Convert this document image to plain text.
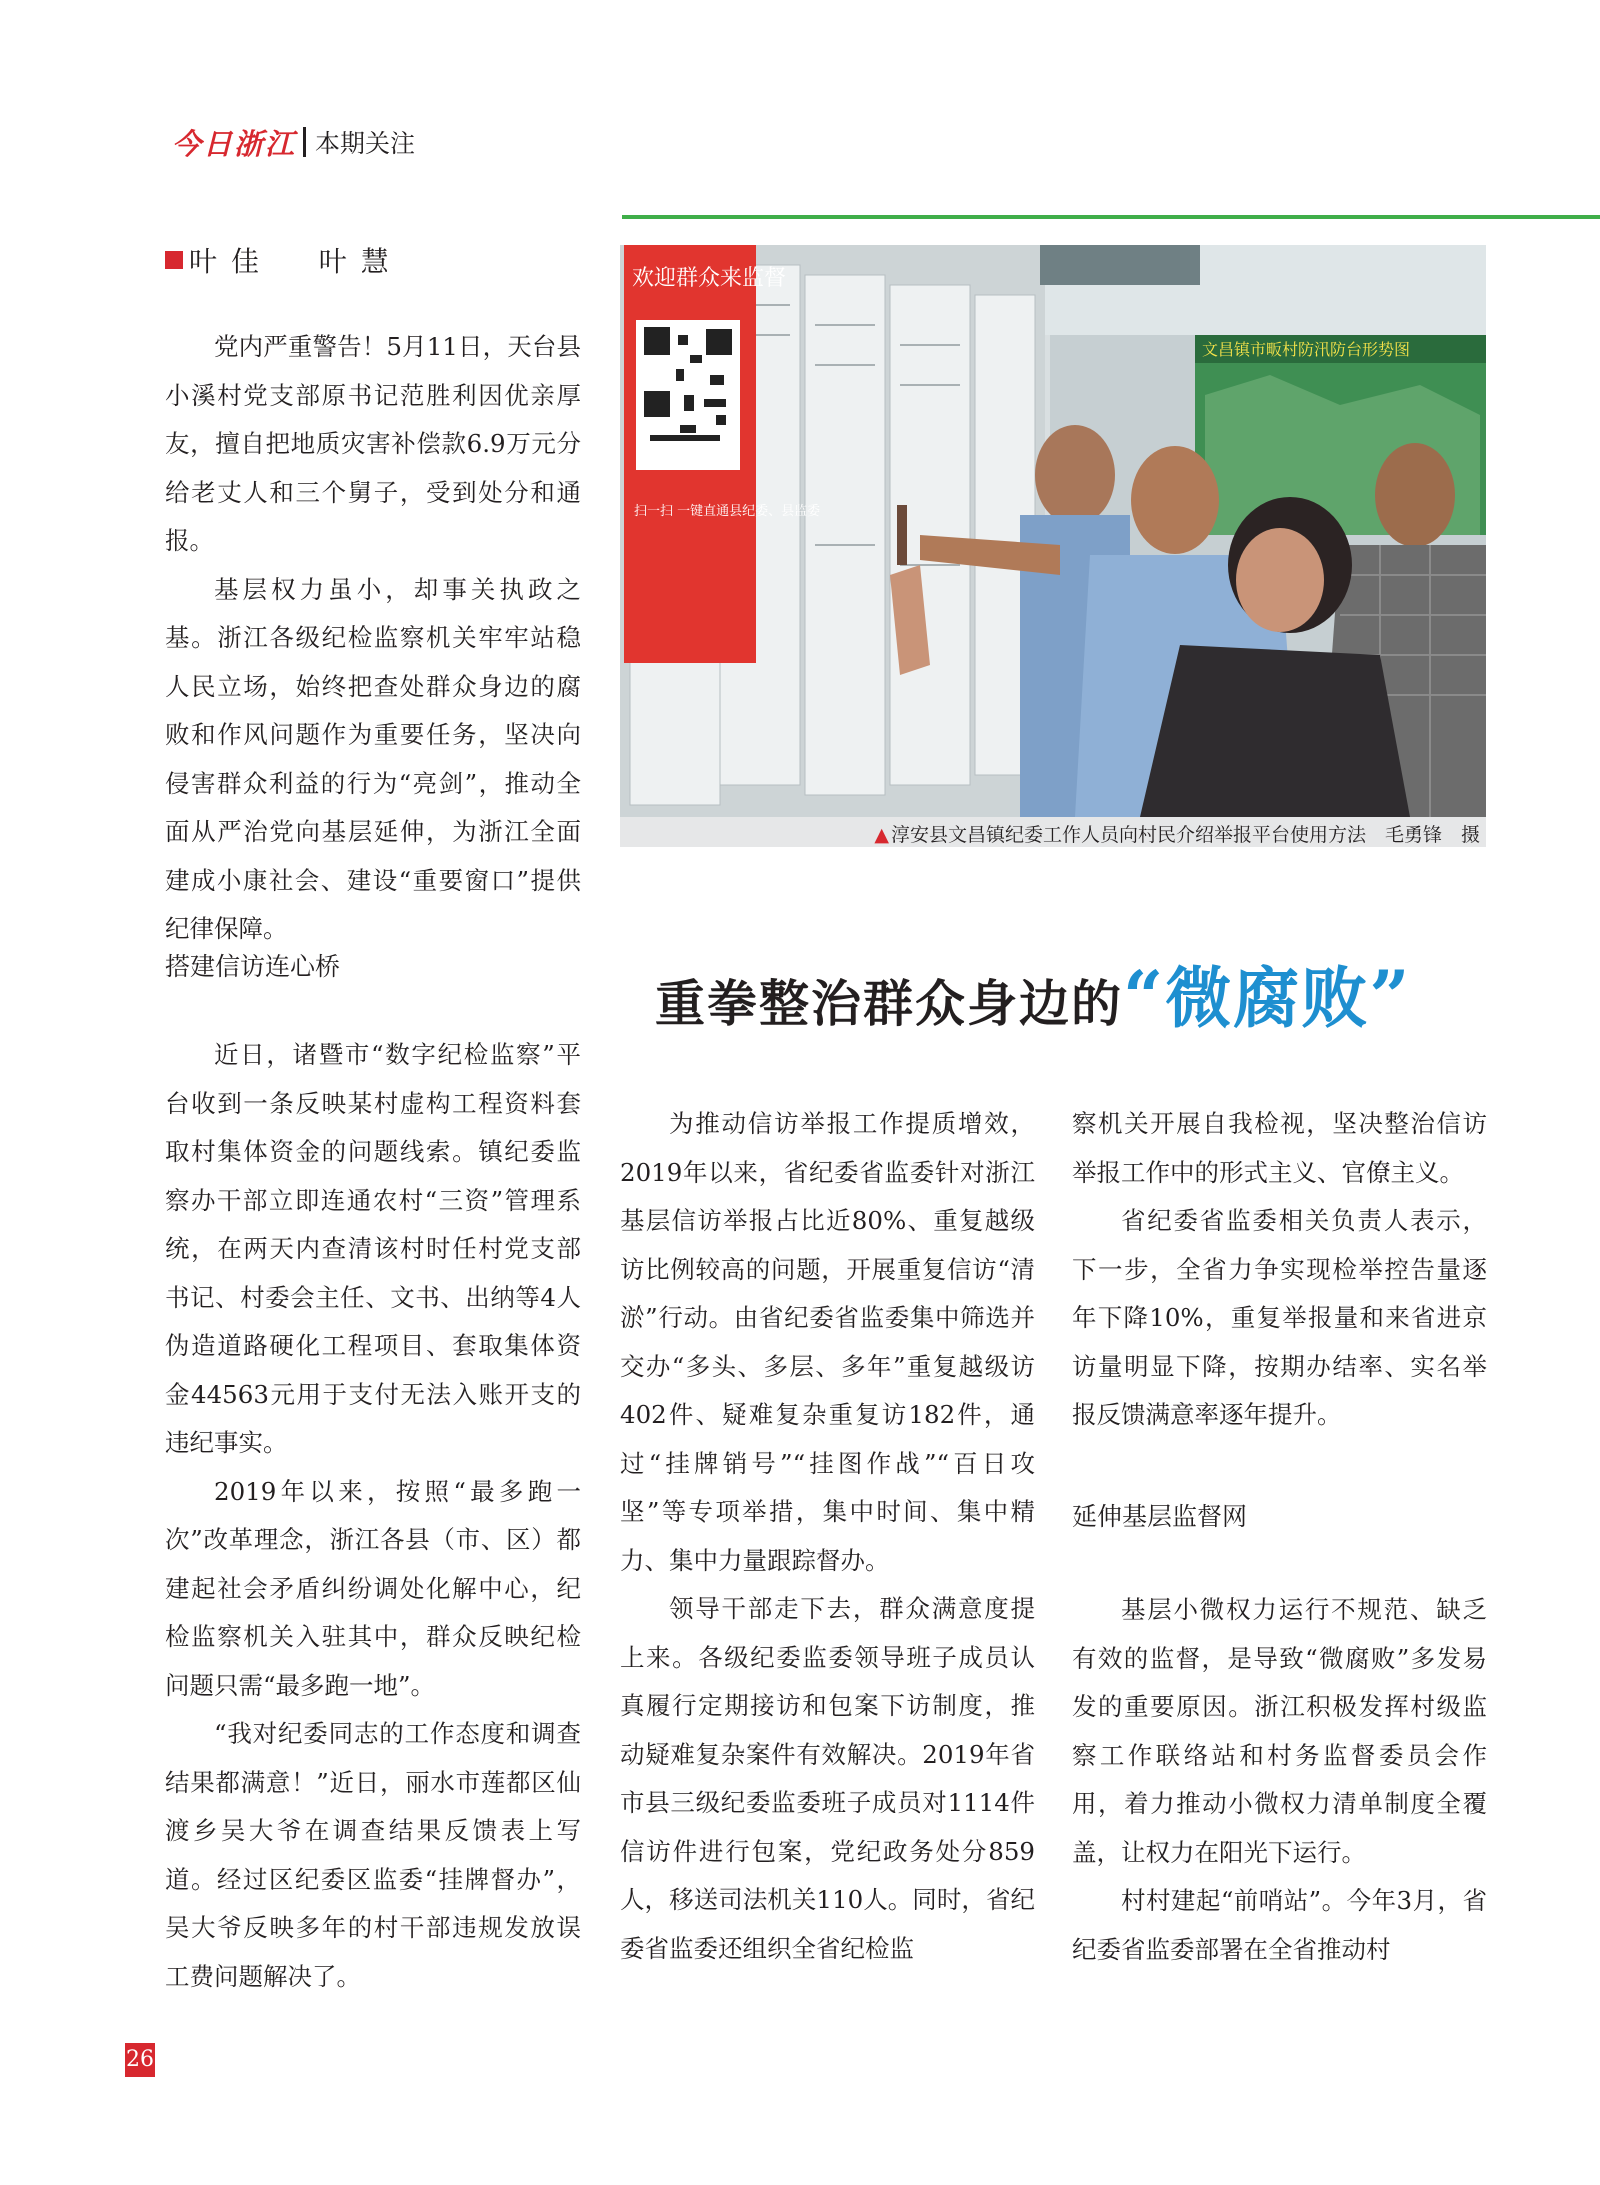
今日浙江 本期关注
叶佳  叶慧

党内严重警告！5月11日，天台县小溪村党支部原书记范胜利因优亲厚友，擅自把地质灾害补偿款6.9万元分给老丈人和三个舅子，受到处分和通报。

基层权力虽小，却事关执政之基。浙江各级纪检监察机关牢牢站稳人民立场，始终把查处群众身边的腐败和作风问题作为重要任务，坚决向侵害群众利益的行为“亮剑”，推动全面从严治党向基层延伸，为浙江全面建成小康社会、建设“重要窗口”提供纪律保障。

搭建信访连心桥

近日，诸暨市“数字纪检监察”平台收到一条反映某村虚构工程资料套取村集体资金的问题线索。镇纪委监察办干部立即连通农村“三资”管理系统，在两天内查清该村时任村党支部书记、村委会主任、文书、出纳等4人伪造道路硬化工程项目、套取集体资金44563元用于支付无法入账开支的违纪事实。

2019年以来，按照“最多跑一次”改革理念，浙江各县（市、区）都建起社会矛盾纠纷调处化解中心，纪检监察机关入驻其中，群众反映纪检问题只需“最多跑一地”。

“我对纪委同志的工作态度和调查结果都满意！”近日，丽水市莲都区仙渡乡吴大爷在调查结果反馈表上写道。经过区纪委区监委“挂牌督办”，吴大爷反映多年的村干部违规发放误工费问题解决了。

欢迎群众来监督
扫一扫 一键直通县纪委、县监委
文昌镇市畈村防汛防台形势图
▲ 淳安县文昌镇纪委工作人员向村民介绍举报平台使用方法　毛勇锋　摄
重拳整治群众身边的 “ 微腐败 ”

为推动信访举报工作提质增效，2019年以来，省纪委省监委针对浙江基层信访举报占比近80%、重复越级访比例较高的问题，开展重复信访“清淤”行动。由省纪委省监委集中筛选并交办“多头、多层、多年”重复越级访402件、疑难复杂重复访182件，通过“挂牌销号”“挂图作战”“百日攻坚”等专项举措，集中时间、集中精力、集中力量跟踪督办。

领导干部走下去，群众满意度提上来。各级纪委监委领导班子成员认真履行定期接访和包案下访制度，推动疑难复杂案件有效解决。2019年省市县三级纪委监委班子成员对1114件信访件进行包案，党纪政务处分859人，移送司法机关110人。同时，省纪委省监委还组织全省纪检监

察机关开展自我检视，坚决整治信访举报工作中的形式主义、官僚主义。

省纪委省监委相关负责人表示，下一步，全省力争实现检举控告量逐年下降10%，重复举报量和来省进京访量明显下降，按期办结率、实名举报反馈满意率逐年提升。

延伸基层监督网

基层小微权力运行不规范、缺乏有效的监督，是导致“微腐败”多发易发的重要原因。浙江积极发挥村级监察工作联络站和村务监督委员会作用，着力推动小微权力清单制度全覆盖，让权力在阳光下运行。

村村建起“前哨站”。今年3月，省纪委省监委部署在全省推动村

26
